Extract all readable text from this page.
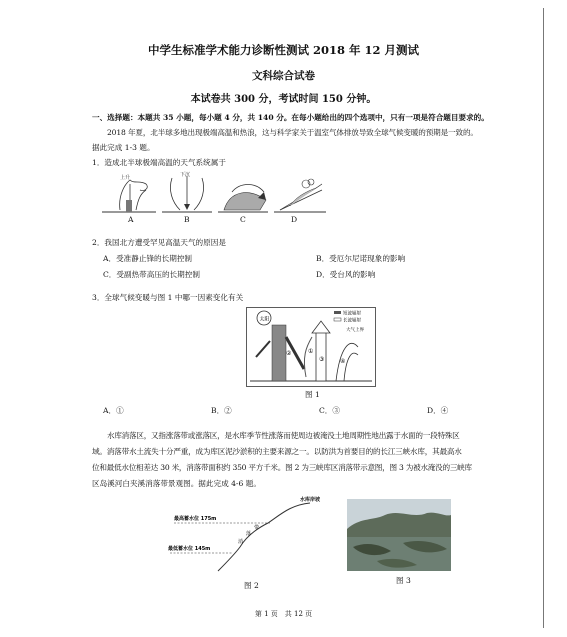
中学生标准学术能力诊断性测试 2018 年 12 月测试
文科综合试卷
本试卷共 300 分，考试时间 150 分钟。
一、选择题：本题共 35 小题，每小题 4 分，共 140 分。在每小题给出的四个选项中，只有一项是符合题目要求的。
2018 年夏，北半球多地出现极端高温和热浪，这与科学家关于温室气体排放导致全球气候变暖的预期是一致的。
据此完成 1-3 题。
1．造成北半球极端高温的天气系统属于
上升	下沉
A	B	C	D
2．我国北方遭受罕见高温天气的原因是
A．受准静止锋的长期控制	B．受厄尔尼诺现象的影响
C．受副热带高压的长期控制	D．受台风的影响
3．全球气候变暖与图 1 中哪一因素变化有关
太阳
①
②
③	④
短波辐射
长波辐射
大气上界
图 1
A．①	B．②	C．③	D．④
水库消落区，又指涨落带或涨落区，是水库季节性涨落而使周边被淹没土地周期性地出露于水面的一段特殊区
域。消落带水土流失十分严重，成为库区泥沙淤积的主要来源之一。以防洪为首要目的的长江三峡水库，其最高水
位和最低水位相差达 30 米，消落带面积约 350 平方千米。图 2 为三峡库区消落带示意图，图 3 为被水淹没的三峡库
区岛溪河白夹溪消落带景观图。据此完成 4-6 题。
最高蓄水位 175m
最低蓄水位 145m
水库岸坡
消
落
带
图 2
图 3
第 1 页　共 12 页
